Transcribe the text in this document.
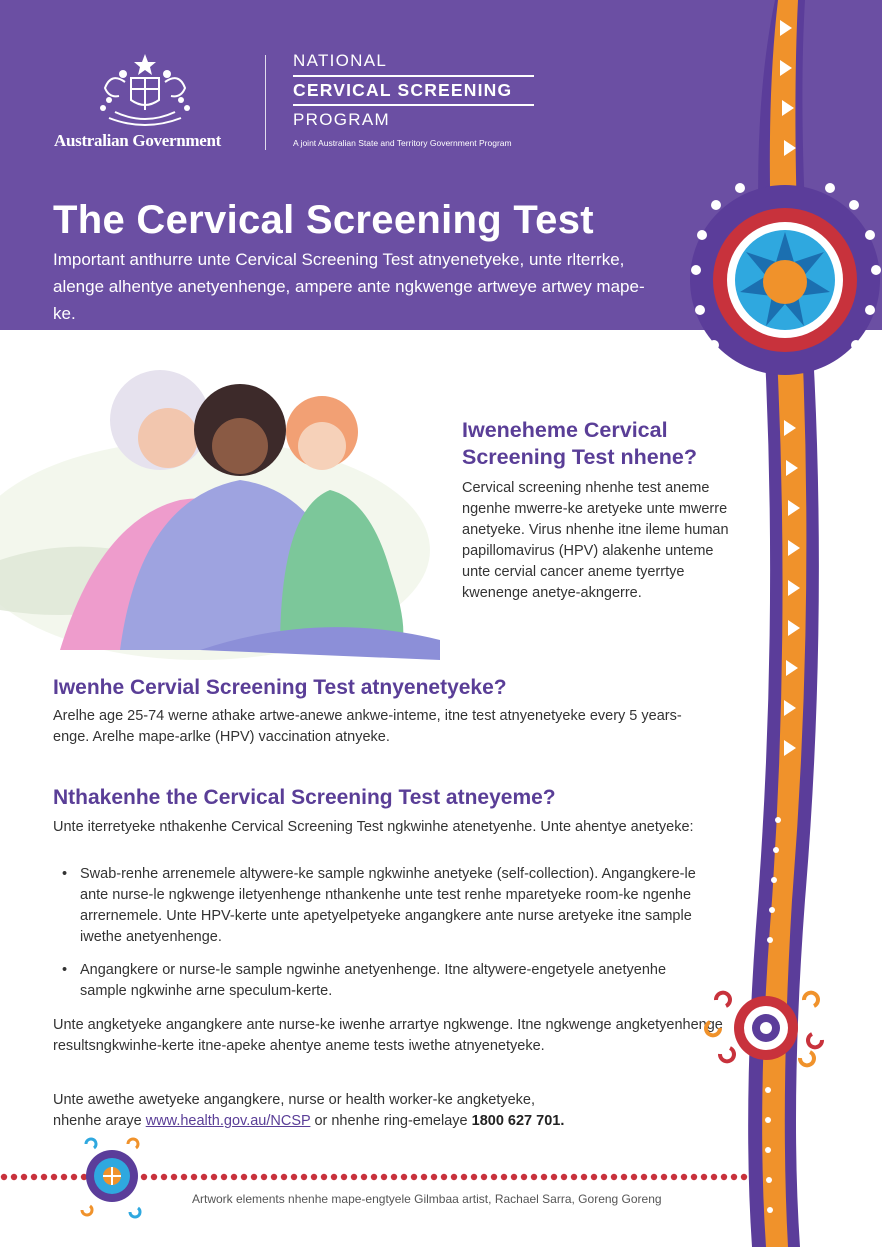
Australian Government
NATIONAL
CERVICAL SCREENING
PROGRAM
A joint Australian State and Territory Government Program
The Cervical Screening Test

Important anthurre unte Cervical Screening Test atnyenetyeke, unte rlterrke, alenge alhentye anetyenhenge, ampere ante ngkwenge artweye artwey mape-ke.

Iweneheme Cervical Screening Test nhene?

Cervical screening nhenhe test aneme ngenhe mwerre-ke aretyeke unte mwerre anetyeke. Virus nhenhe itne ileme human papillomavirus (HPV) alakenhe unteme unte cervial cancer aneme tyerrtye kwenenge anetye-akngerre.

Iwenhe Cervial Screening Test atnyenetyeke?

Arelhe age 25-74 werne athake artwe-anewe ankwe-inteme, itne test atnyenetyeke every 5 years-enge. Arelhe mape-arlke (HPV) vaccination atnyeke.

Nthakenhe the Cervical Screening Test atneyeme?

Unte iterretyeke nthakenhe Cervical Screening Test ngkwinhe atenetyenhe. Unte ahentye anetyeke:

• Swab-renhe arrenemele altywere-ke sample ngkwinhe anetyeke (self-collection). Angangkere-le ante nurse-le ngkwenge iletyenhenge nthankenhe unte test renhe mparetyeke room-ke ngenhe arrernemele. Unte HPV-kerte unte apetyelpetyeke angangkere ante nurse aretyeke itne sample iwethe anetyenhenge.
• Angangkere or nurse-le sample ngwinhe anetyenhenge. Itne altywere-engetyele anetyenhe sample ngkwinhe arne speculum-kerte.

Unte angketyeke angangkere ante nurse-ke iwenhe arrartye ngkwenge. Itne ngkwenge angketyenhenge resultsngkwinhe-kerte itne-apeke ahentye aneme tests iwethe atnyenetyeke.

Unte awethe awetyeke angangkere, nurse or health worker-ke angketyeke,
nhenhe araye www.health.gov.au/NCSP or nhenhe ring-emelaye 1800 627 701.

Artwork elements nhenhe mape-engtyele Gilmbaa artist, Rachael Sarra, Goreng Goreng
